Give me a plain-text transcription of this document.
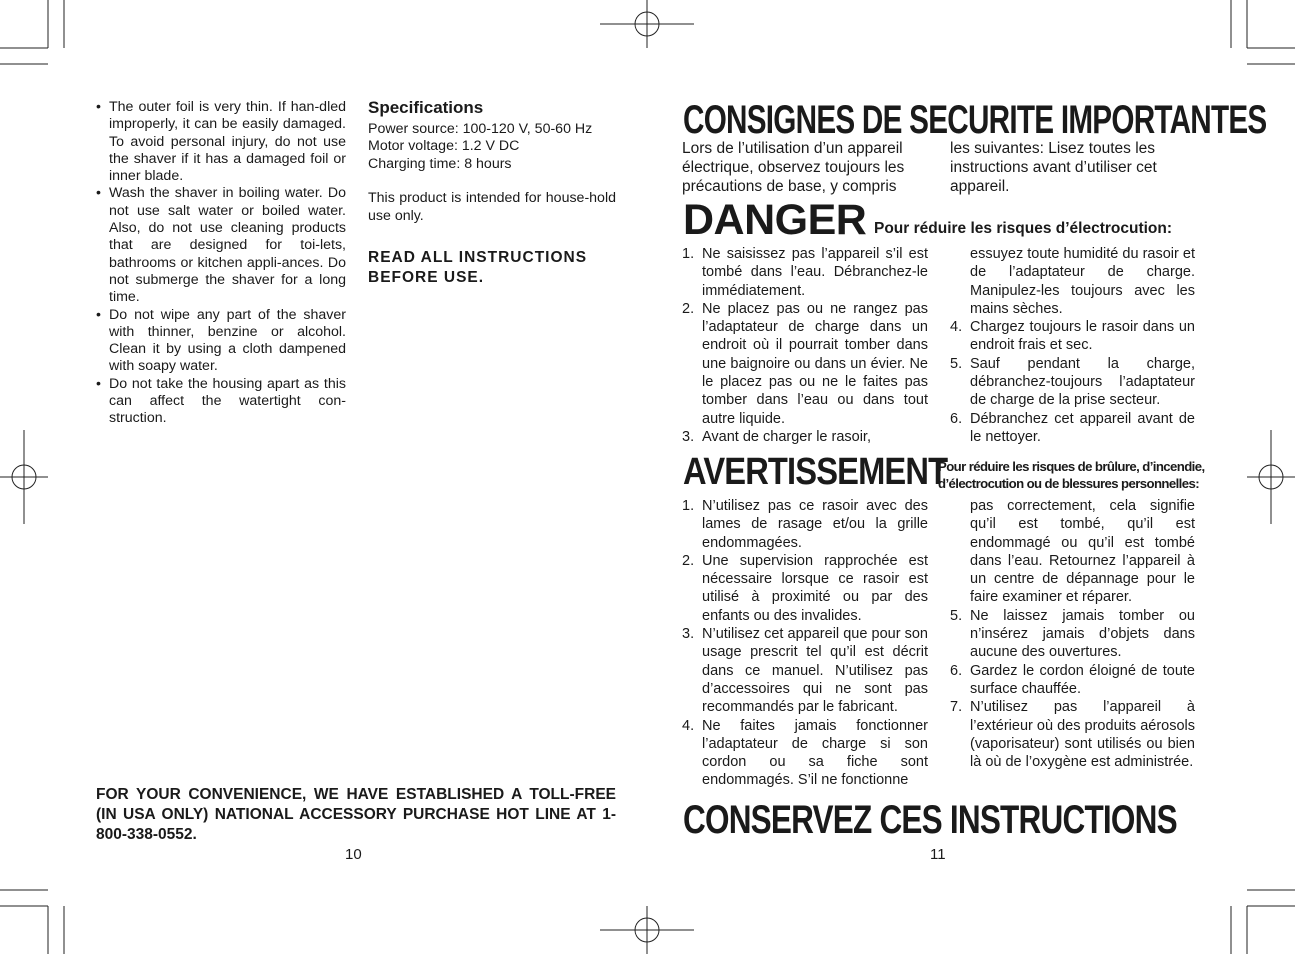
• The outer foil is very thin. If han-dled improperly, it can be easily damaged. To avoid personal injury, do not use the shaver if it has a damaged foil or inner blade.
• Wash the shaver in boiling water. Do not use salt water or boiled water. Also, do not use cleaning products that are designed for toi-lets, bathrooms or kitchen appli-ances. Do not submerge the shaver for a long time.
• Do not wipe any part of the shaver with thinner, benzine or alcohol. Clean it by using a cloth dampened with soapy water.
• Do not take the housing apart as this can affect the watertight con-struction.
Specifications
Power source: 100-120 V, 50-60 Hz
Motor voltage: 1.2 V DC
Charging time: 8 hours
This product is intended for house-hold use only.
READ ALL INSTRUCTIONS BEFORE USE.
FOR YOUR CONVENIENCE, WE HAVE ESTABLISHED A TOLL-FREE (IN USA ONLY) NATIONAL ACCESSORY PURCHASE HOT LINE AT 1-800-338-0552.
10
CONSIGNES DE SECURITE IMPORTANTES
Lors de l’utilisation d’un appareil électrique, observez toujours les précautions de base, y compris
les suivantes: Lisez toutes les instructions avant d’utiliser cet appareil.
DANGER Pour réduire les risques d’électrocution:
1. Ne saisissez pas l’appareil s’il est tombé dans l’eau. Débranchez-le immédiatement.
2. Ne placez pas ou ne rangez pas l’adaptateur de charge dans un endroit où il pourrait tomber dans une baignoire ou dans un évier. Ne le placez pas ou ne le faites pas tomber dans l’eau ou dans tout autre liquide.
3. Avant de charger le rasoir,
essuyez toute humidité du rasoir et de l’adaptateur de charge. Manipulez-les toujours avec les mains sèches.
4. Chargez toujours le rasoir dans un endroit frais et sec.
5. Sauf pendant la charge, débranchez-toujours l’adaptateur de charge de la prise secteur.
6. Débranchez cet appareil avant de le nettoyer.
AVERTISSEMENT
Pour réduire les risques de brûlure, d’incendie,
d’électrocution ou de blessures personnelles:
1. N’utilisez pas ce rasoir avec des lames de rasage et/ou la grille endommagées.
2. Une supervision rapprochée est nécessaire lorsque ce rasoir est utilisé à proximité ou par des enfants ou des invalides.
3. N’utilisez cet appareil que pour son usage prescrit tel qu’il est décrit dans ce manuel. N’utilisez pas d’accessoires qui ne sont pas recommandés par le fabricant.
4. Ne faites jamais fonctionner l’adaptateur de charge si son cordon ou sa fiche sont endommagés. S’il ne fonctionne
pas correctement, cela signifie qu’il est tombé, qu’il est endommagé ou qu’il est tombé dans l’eau. Retournez l’appareil à un centre de dépannage pour le faire examiner et réparer.
5. Ne laissez jamais tomber ou n’insérez jamais d’objets dans aucune des ouvertures.
6. Gardez le cordon éloigné de toute surface chauffée.
7. N’utilisez pas l’appareil à l’extérieur où des produits aérosols (vaporisateur) sont utilisés ou bien là où de l’oxygène est administrée.
CONSERVEZ CES INSTRUCTIONS
11
